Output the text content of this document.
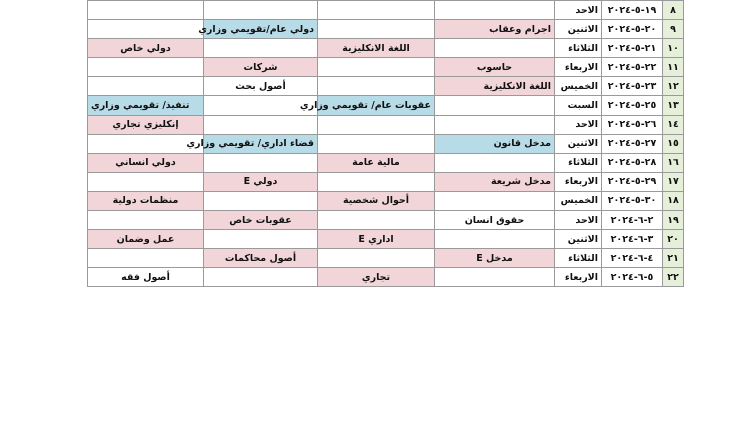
٨	١٩-٥-٢٠٢٤	الاحد				
٩	٢٠-٥-٢٠٢٤	الاثنين	اجرام وعقاب		دولي عام/تقويمي وزاري	
١٠	٢١-٥-٢٠٢٤	الثلاثاء		اللغة الانكليزية		دولي خاص
١١	٢٢-٥-٢٠٢٤	الاربعاء	حاسوب		شركات	
١٢	٢٣-٥-٢٠٢٤	الخميس	اللغة الانكليزية		أصول بحث	
١٣	٢٥-٥-٢٠٢٤	السبت		عقوبات عام/ تقويمي وزاري		تنفيذ/ تقويمي وزاري
١٤	٢٦-٥-٢٠٢٤	الاحد				إنكليزي تجاري
١٥	٢٧-٥-٢٠٢٤	الاثنين	مدخل قانون		قضاء اداري/ تقويمي وزاري	
١٦	٢٨-٥-٢٠٢٤	الثلاثاء		مالية عامة		دولي انساني
١٧	٢٩-٥-٢٠٢٤	الاربعاء	مدخل شريعة		دولي E	
١٨	٣٠-٥-٢٠٢٤	الخميس		أحوال شخصية		منظمات دولية
١٩	٢-٦-٢٠٢٤	الاحد	حقوق انسان		عقوبات خاص	
٢٠	٣-٦-٢٠٢٤	الاثنين		اداري E		عمل وضمان
٢١	٤-٦-٢٠٢٤	الثلاثاء	مدخل E		أصول محاكمات	
٢٢	٥-٦-٢٠٢٤	الاربعاء		تجاري		أصول فقه
